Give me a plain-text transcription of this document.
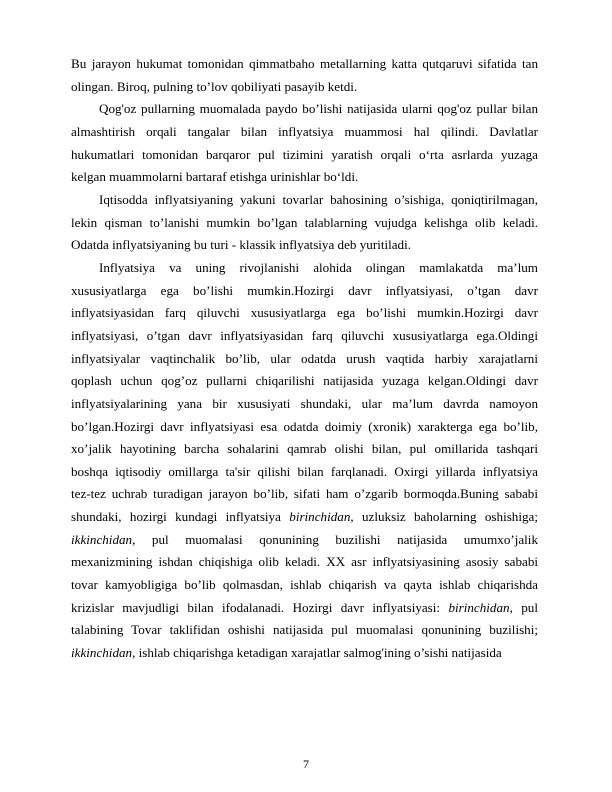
Bu jarayon hukumat tomonidan qimmatbaho metallarning katta qutqaruvi sifatida tan
olingan. Biroq, pulning to’lov qobiliyati pasayib ketdi.
Qog'oz pullarning muomalada paydo bo’lishi natijasida ularni qog'oz pullar bilan
almashtirish orqali tangalar bilan inflyatsiya muammosi hal qilindi. Davlatlar
hukumatlari tomonidan barqaror pul tizimini yaratish orqali o‘rta asrlarda yuzaga
kelgan muammolarni bartaraf etishga urinishlar bo‘ldi.
Iqtisodda inflyatsiyaning yakuni tovarlar bahosining o’sishiga, qoniqtirilmagan,
lekin qisman to’lanishi mumkin bo’lgan talablarning vujudga kelishga olib keladi.
Odatda inflyatsiyaning bu turi - klassik inflyatsiya deb yuritiladi.
Inflyatsiya va uning rivojlanishi alohida olingan mamlakatda ma’lum
xususiyatlarga ega bo’lishi mumkin.Hozirgi davr inflyatsiyasi, o’tgan davr
inflyatsiyasidan farq qiluvchi xususiyatlarga ega bo’lishi mumkin.Hozirgi davr
inflyatsiyasi, o’tgan davr inflyatsiyasidan farq qiluvchi xususiyatlarga ega.Oldingi
inflyatsiyalar vaqtinchalik bo’lib, ular odatda urush vaqtida harbiy xarajatlarni
qoplash uchun qog’oz pullarni chiqarilishi natijasida yuzaga kelgan.Oldingi davr
inflyatsiyalarining yana bir xususiyati shundaki, ular ma’lum davrda namoyon
bo’lgan.Hozirgi davr inflyatsiyasi esa odatda doimiy (xronik) xarakterga ega bo’lib,
xo’jalik hayotining barcha sohalarini qamrab olishi bilan, pul omillarida tashqari
boshqa iqtisodiy omillarga ta'sir qilishi bilan farqlanadi. Oxirgi yillarda inflyatsiya
tez-tez uchrab turadigan jarayon bo’lib, sifati ham o’zgarib bormoqda.Buning sababi
shundaki, hozirgi kundagi inflyatsiya birinchidan, uzluksiz baholarning oshishiga;
ikkinchidan, pul muomalasi qonunining buzilishi natijasida umumxo’jalik
mexanizmining ishdan chiqishiga olib keladi. XX asr inflyatsiyasining asosiy sababi
tovar kamyobligiga bo’lib qolmasdan, ishlab chiqarish va qayta ishlab chiqarishda
krizislar mavjudligi bilan ifodalanadi. Hozirgi davr inflyatsiyasi: birinchidan, pul
talabining Tovar taklifidan oshishi natijasida pul muomalasi qonunining buzilishi;
ikkinchidan, ishlab chiqarishga ketadigan xarajatlar salmog'ining o’sishi natijasida
7
